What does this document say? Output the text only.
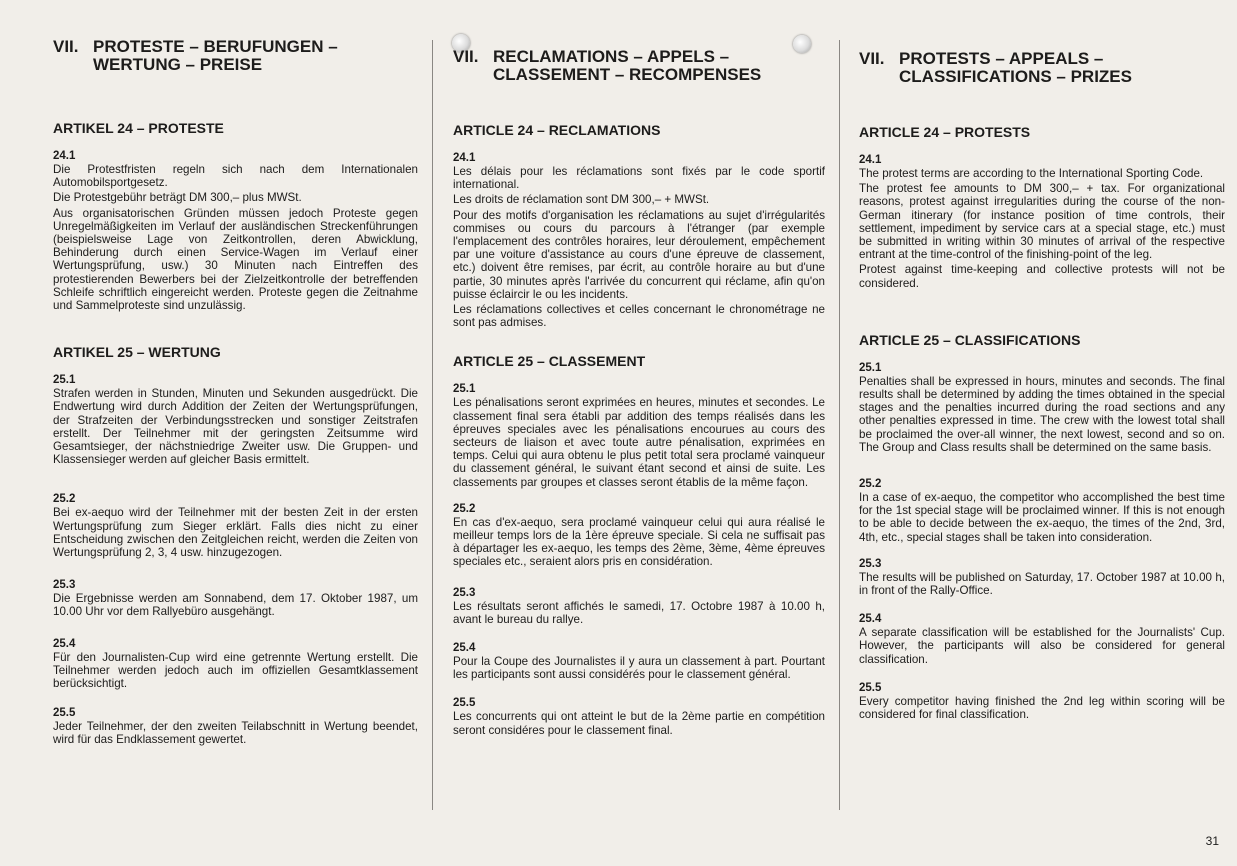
VII. PROTESTE – BERUFUNGEN –
WERTUNG – PREISE
ARTIKEL 24 – PROTESTE
24.1

Die Protestfristen regeln sich nach dem Internationalen Automobilsportgesetz.

Die Protestgebühr beträgt DM 300,– plus MWSt.

Aus organisatorischen Gründen müssen jedoch Proteste gegen Unregelmäßigkeiten im Verlauf der ausländischen Streckenführungen (beispielsweise Lage von Zeitkontrollen, deren Abwicklung, Behinderung durch einen Service-Wagen im Verlauf einer Wertungsprüfung, usw.) 30 Minuten nach Eintreffen des protestierenden Bewerbers bei der Zielzeitkontrolle der betreffenden Schleife schriftlich eingereicht werden. Proteste gegen die Zeitnahme und Sammelproteste sind unzulässig.

ARTIKEL 25 – WERTUNG
25.1

Strafen werden in Stunden, Minuten und Sekunden ausgedrückt. Die Endwertung wird durch Addition der Zeiten der Wertungsprüfungen, der Strafzeiten der Verbindungsstrecken und sonstiger Zeitstrafen erstellt. Der Teilnehmer mit der geringsten Zeitsumme wird Gesamtsieger, der nächstniedrige Zweiter usw. Die Gruppen- und Klassensieger werden auf gleicher Basis ermittelt.

25.2

Bei ex-aequo wird der Teilnehmer mit der besten Zeit in der ersten Wertungsprüfung zum Sieger erklärt. Falls dies nicht zu einer Entscheidung zwischen den Zeitgleichen reicht, werden die Zeiten von Wertungsprüfung 2, 3, 4 usw. hinzugezogen.

25.3

Die Ergebnisse werden am Sonnabend, dem 17. Oktober 1987, um 10.00 Uhr vor dem Rallyebüro ausgehängt.

25.4

Für den Journalisten-Cup wird eine getrennte Wertung erstellt. Die Teilnehmer werden jedoch auch im offiziellen Gesamtklassement berücksichtigt.

25.5

Jeder Teilnehmer, der den zweiten Teilabschnitt in Wertung beendet, wird für das Endklassement gewertet.

VII. RECLAMATIONS – APPELS –
CLASSEMENT – RECOMPENSES
ARTICLE 24 – RECLAMATIONS
24.1

Les délais pour les réclamations sont fixés par le code sportif international.

Les droits de réclamation sont DM 300,– + MWSt.

Pour des motifs d'organisation les réclamations au sujet d'irrégularités commises ou cours du parcours à l'étranger (par exemple l'emplacement des contrôles horaires, leur déroulement, empêchement par une voiture d'assistance au cours d'une épreuve de classement, etc.) doivent être remises, par écrit, au contrôle horaire au but d'une partie, 30 minutes après l'arrivée du concurrent qui réclame, afin qu'on puisse éclaircir le ou les incidents.

Les réclamations collectives et celles concernant le chronométrage ne sont pas admises.

ARTICLE 25 – CLASSEMENT
25.1

Les pénalisations seront exprimées en heures, minutes et secondes. Le classement final sera établi par addition des temps réalisés dans les épreuves speciales avec les pénalisations encourues au cours des secteurs de liaison et avec toute autre pénalisation, exprimées en temps. Celui qui aura obtenu le plus petit total sera proclamé vainqueur du classement général, le suivant étant second et ainsi de suite. Les classements par groupes et classes seront établis de la même façon.

25.2

En cas d'ex-aequo, sera proclamé vainqueur celui qui aura réalisé le meilleur temps lors de la 1ère épreuve speciale. Si cela ne suffisait pas à départager les ex-aequo, les temps des 2ème, 3ème, 4ème épreuves speciales etc., seraient alors pris en considération.

25.3

Les résultats seront affichés le samedi, 17. Octobre 1987 à 10.00 h, avant le bureau du rallye.

25.4

Pour la Coupe des Journalistes il y aura un classement à part. Pourtant les participants sont aussi considérés pour le classement général.

25.5

Les concurrents qui ont atteint le but de la 2ème partie en compétition seront considéres pour le classement final.

VII. PROTESTS – APPEALS –
CLASSIFICATIONS – PRIZES
ARTICLE 24 – PROTESTS
24.1

The protest terms are according to the International Sporting Code.

The protest fee amounts to DM 300,– + tax. For organizational reasons, protest against irregularities during the course of the non-German itinerary (for instance position of time controls, their settlement, impediment by service cars at a special stage, etc.) must be submitted in writing within 30 minutes of arrival of the respective entrant at the time-control of the finishing-point of the leg.

Protest against time-keeping and collective protests will not be considered.

ARTICLE 25 – CLASSIFICATIONS
25.1

Penalties shall be expressed in hours, minutes and seconds. The final results shall be determined by adding the times obtained in the special stages and the penalties incurred during the road sections and any other penalties expressed in time. The crew with the lowest total shall be proclaimed the over-all winner, the next lowest, second and so on. The Group and Class results shall be determined on the same basis.

25.2

In a case of ex-aequo, the competitor who accomplished the best time for the 1st special stage will be proclaimed winner. If this is not enough to be able to decide between the ex-aequo, the times of the 2nd, 3rd, 4th, etc., special stages shall be taken into consideration.

25.3

The results will be published on Saturday, 17. October 1987 at 10.00 h, in front of the Rally-Office.

25.4

A separate classification will be established for the Journalists' Cup. However, the participants will also be considered for general classification.

25.5

Every competitor having finished the 2nd leg within scoring will be considered for final classification.

31
